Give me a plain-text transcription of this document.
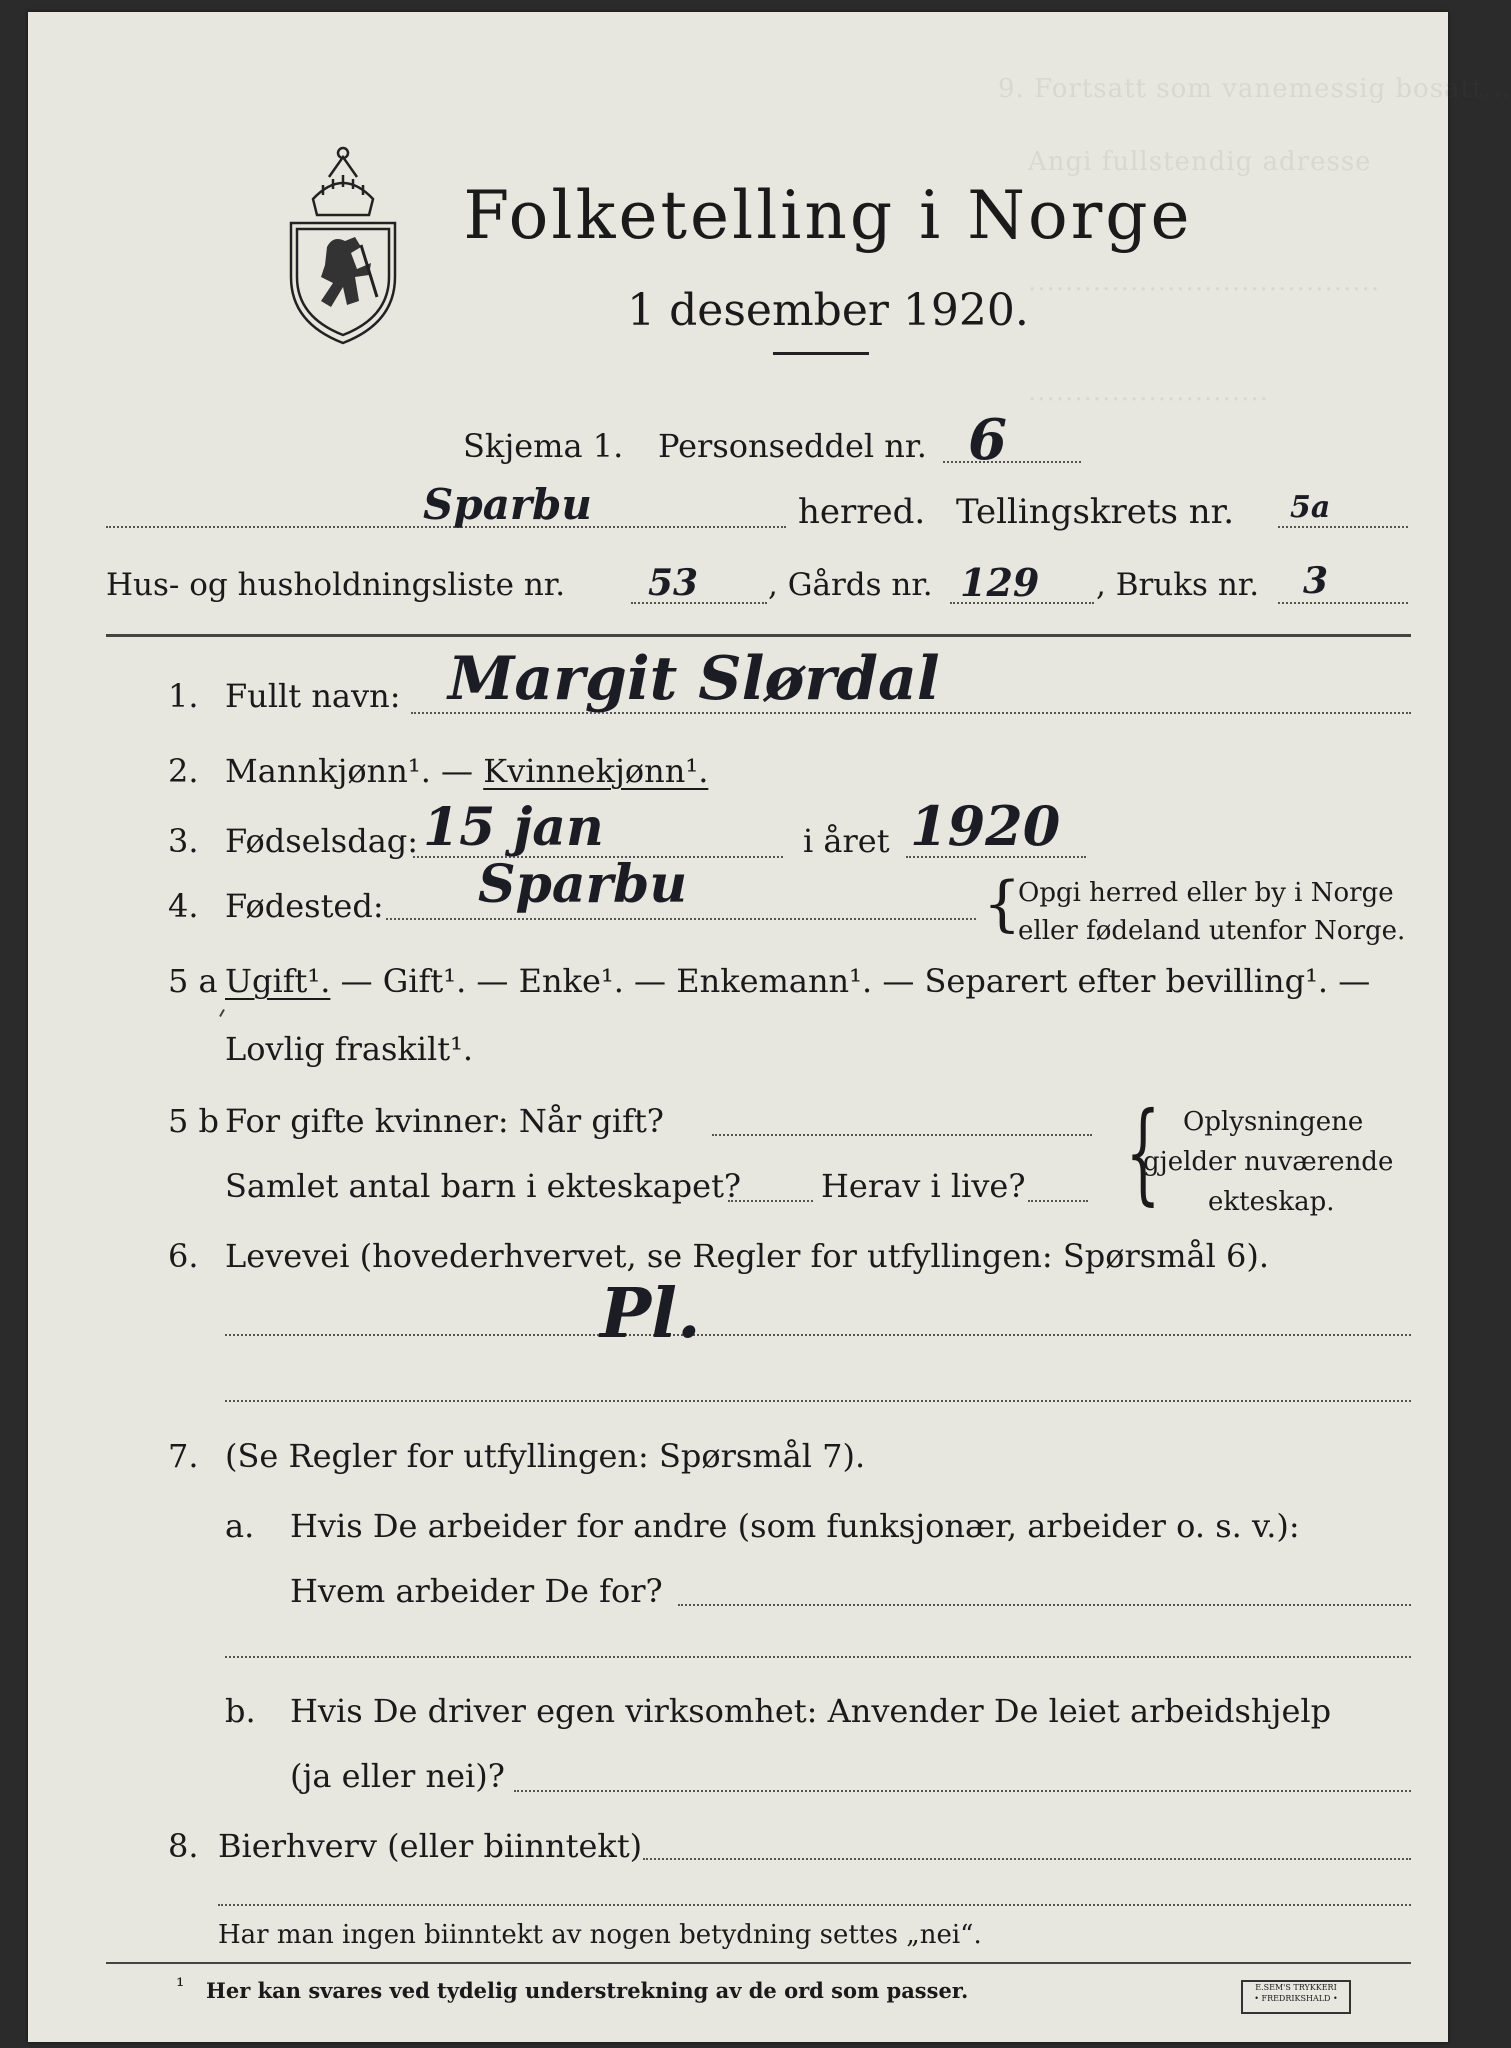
9. Fortsatt som vanemessig bosatt...
Angi fullstendig adresse
......................................
..........................
Folketelling i Norge
1 desember 1920.
Skjema 1. Personseddel nr. 6
Sparbu	herred. Tellingskrets nr. 5a
Hus- og husholdningsliste nr. 53 , Gårds nr. 129 , Bruks nr. 3
1. Fullt navn: Margit Slørdal
2. Mannkjønn¹. — Kvinnekjønn¹.
3. Fødselsdag: 15 jan	i året 1920
4. Fødested: Sparbu	{
Opgi herred eller by i Norge
eller fødeland utenfor Norge.
5 a Ugift¹. — Gift¹. — Enke¹. — Enkemann¹. — Separert efter bevilling¹. —
Lovlig fraskilt¹.
5 b For gifte kvinner: Når gift?
Samlet antal barn i ekteskapet? Herav i live? { Oplysningene
gjelder nuværende
ekteskap.
6. Levevei (hovederhvervet, se Regler for utfyllingen: Spørsmål 6).
Pl.
7. (Se Regler for utfyllingen: Spørsmål 7).
a. Hvis De arbeider for andre (som funksjonær, arbeider o. s. v.):
Hvem arbeider De for?
b. Hvis De driver egen virksomhet: Anvender De leiet arbeidshjelp
(ja eller nei)?
8. Bierhverv (eller biinntekt)
Har man ingen biinntekt av nogen betydning settes „nei“.
¹ Her kan svares ved tydelig understrekning av de ord som passer.	E.SEM'S TRYKKERI
• FREDRIKSHALD •
